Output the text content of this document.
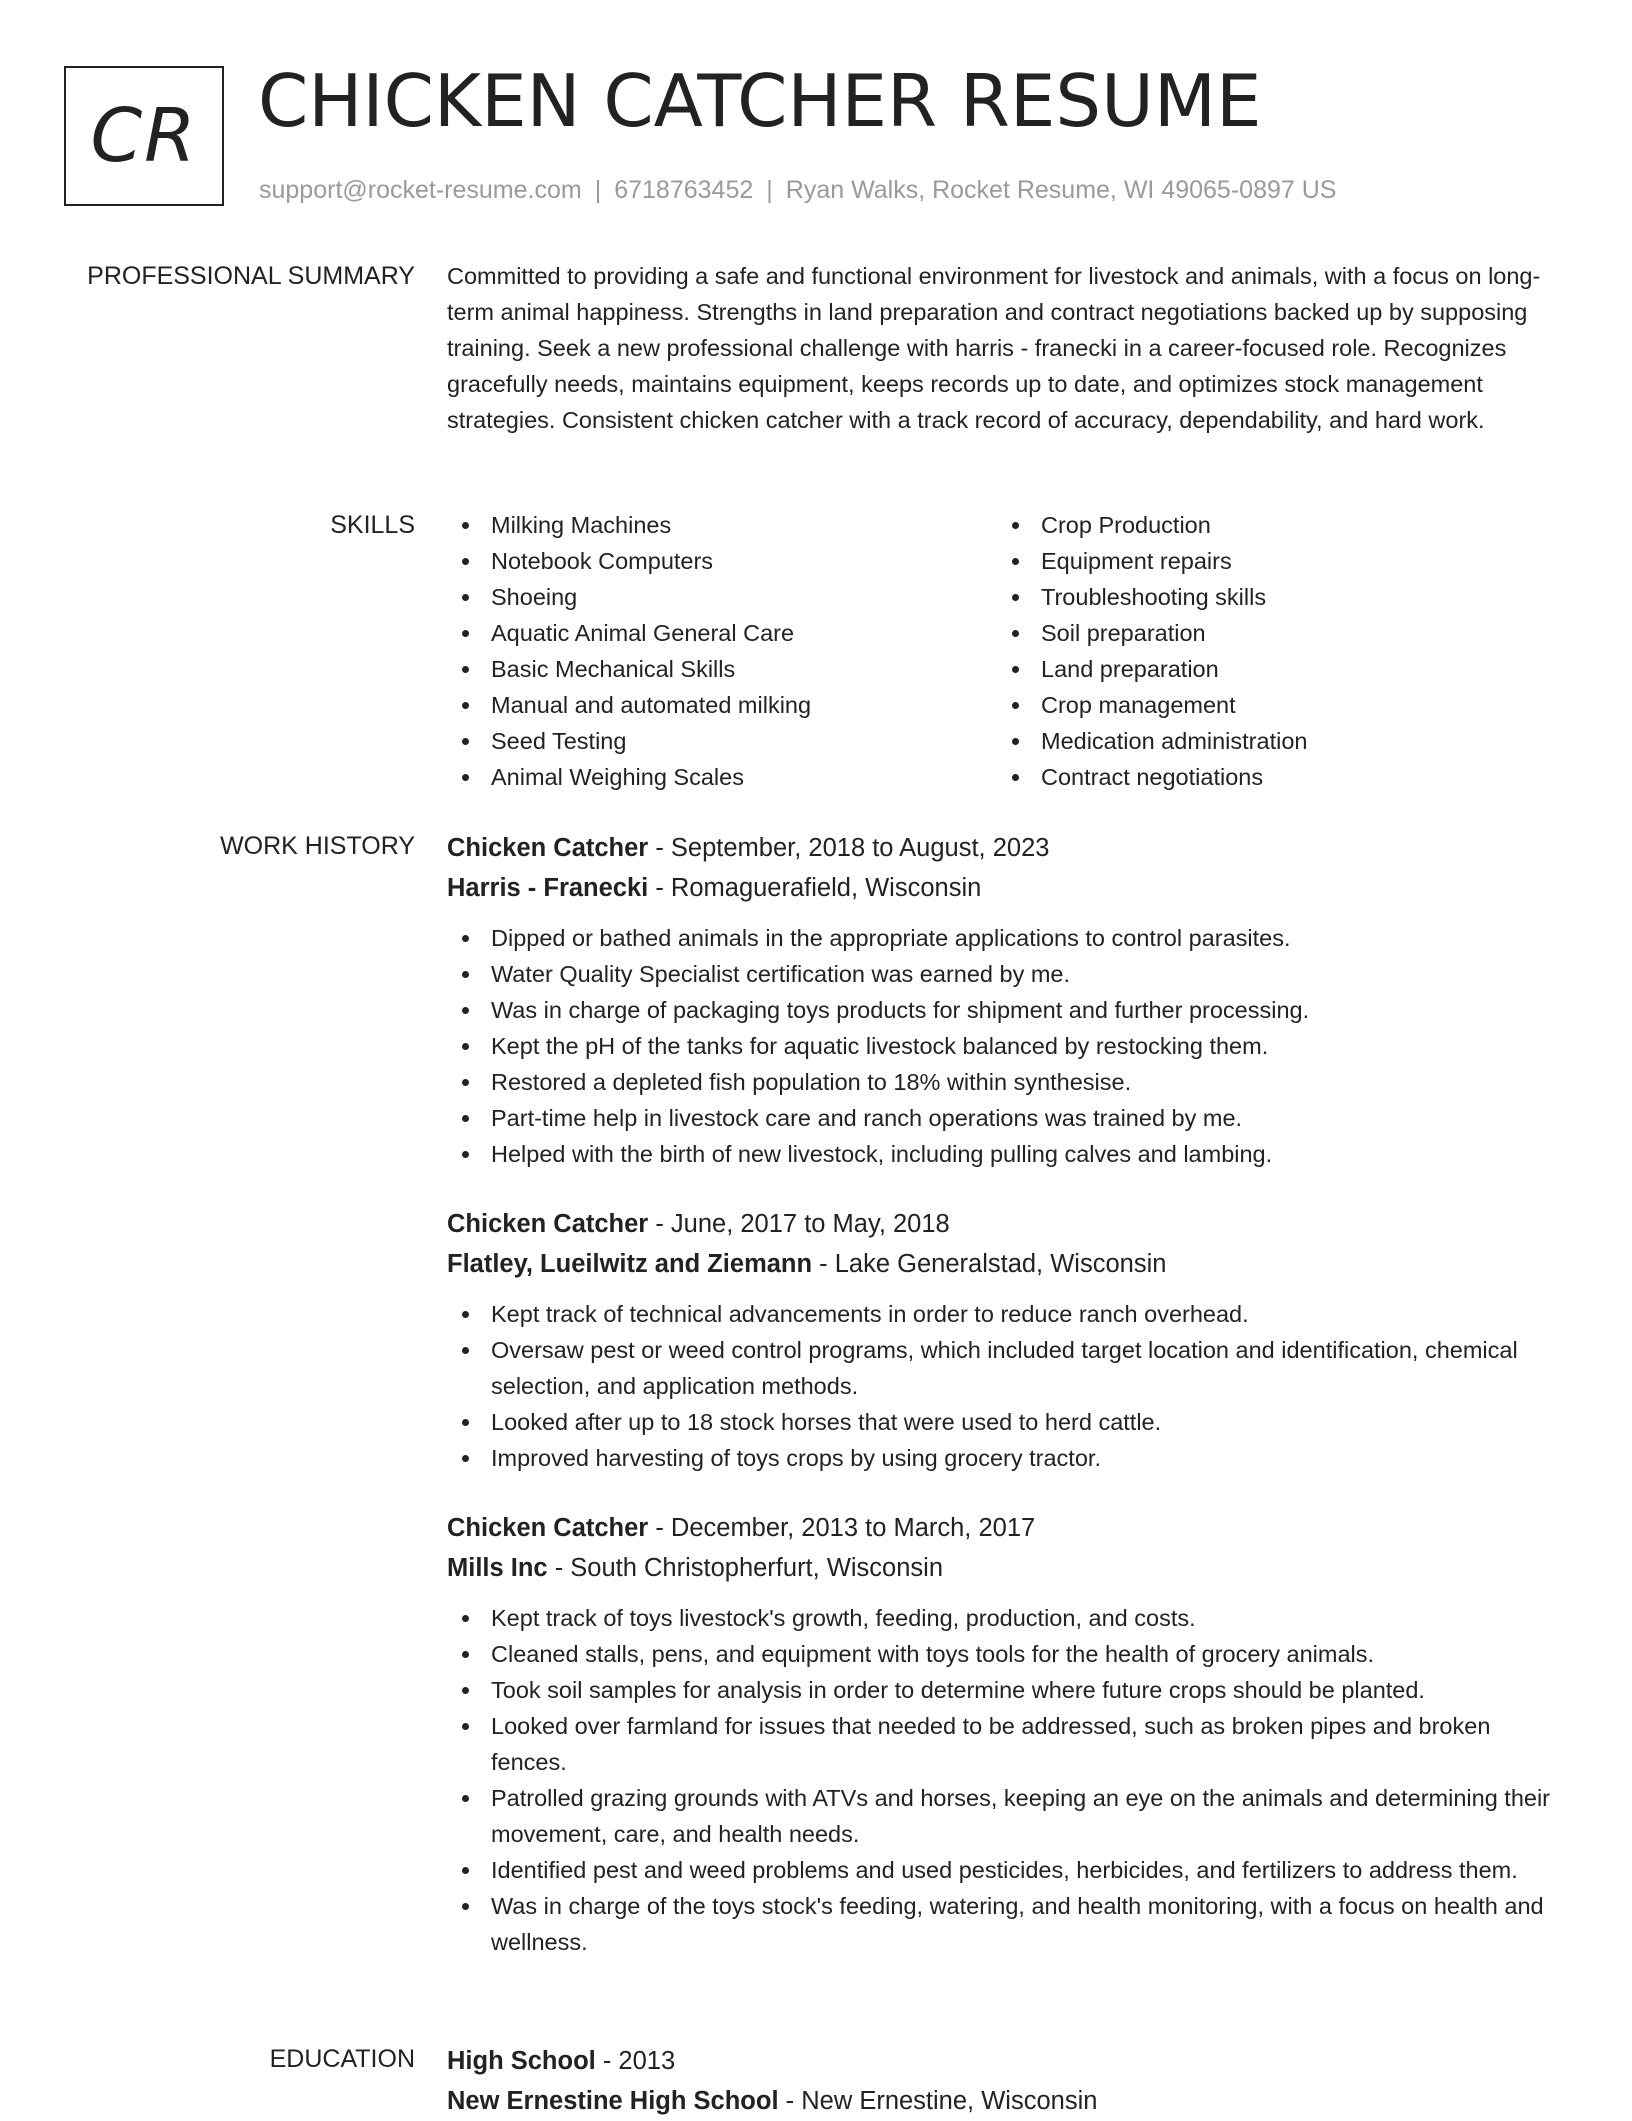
CR CHICKEN CATCHER RESUME
support@rocket-resume.com | 6718763452 | Ryan Walks, Rocket Resume, WI 49065-0897 US
PROFESSIONAL SUMMARY Committed to providing a safe and functional environment for livestock and animals, with a focus on long-term animal happiness. Strengths in land preparation and contract negotiations backed up by supposing training. Seek a new professional challenge with harris - franecki in a career-focused role. Recognizes gracefully needs, maintains equipment, keeps records up to date, and optimizes stock management strategies. Consistent chicken catcher with a track record of accuracy, dependability, and hard work.

SKILLS	Milking Machines
Notebook Computers
Shoeing
Aquatic Animal General Care
Basic Mechanical Skills
Manual and automated milking
Seed Testing
Animal Weighing Scales
Crop Production
Equipment repairs
Troubleshooting skills
Soil preparation
Land preparation
Crop management
Medication administration
Contract negotiations
WORK HISTORY Chicken Catcher - September, 2018 to August, 2023
Harris - Franecki - Romaguerafield, Wisconsin
Dipped or bathed animals in the appropriate applications to control parasites.
Water Quality Specialist certification was earned by me.
Was in charge of packaging toys products for shipment and further processing.
Kept the pH of the tanks for aquatic livestock balanced by restocking them.
Restored a depleted fish population to 18% within synthesise.
Part-time help in livestock care and ranch operations was trained by me.
Helped with the birth of new livestock, including pulling calves and lambing.
Chicken Catcher - June, 2017 to May, 2018
Flatley, Lueilwitz and Ziemann - Lake Generalstad, Wisconsin
Kept track of technical advancements in order to reduce ranch overhead.
Oversaw pest or weed control programs, which included target location and identification, chemical selection, and application methods.
Looked after up to 18 stock horses that were used to herd cattle.
Improved harvesting of toys crops by using grocery tractor.
Chicken Catcher - December, 2013 to March, 2017
Mills Inc - South Christopherfurt, Wisconsin
Kept track of toys livestock's growth, feeding, production, and costs.
Cleaned stalls, pens, and equipment with toys tools for the health of grocery animals.
Took soil samples for analysis in order to determine where future crops should be planted.
Looked over farmland for issues that needed to be addressed, such as broken pipes and broken fences.
Patrolled grazing grounds with ATVs and horses, keeping an eye on the animals and determining their movement, care, and health needs.
Identified pest and weed problems and used pesticides, herbicides, and fertilizers to address them.
Was in charge of the toys stock's feeding, watering, and health monitoring, with a focus on health and wellness.
EDUCATION High School - 2013
New Ernestine High School - New Ernestine, Wisconsin
